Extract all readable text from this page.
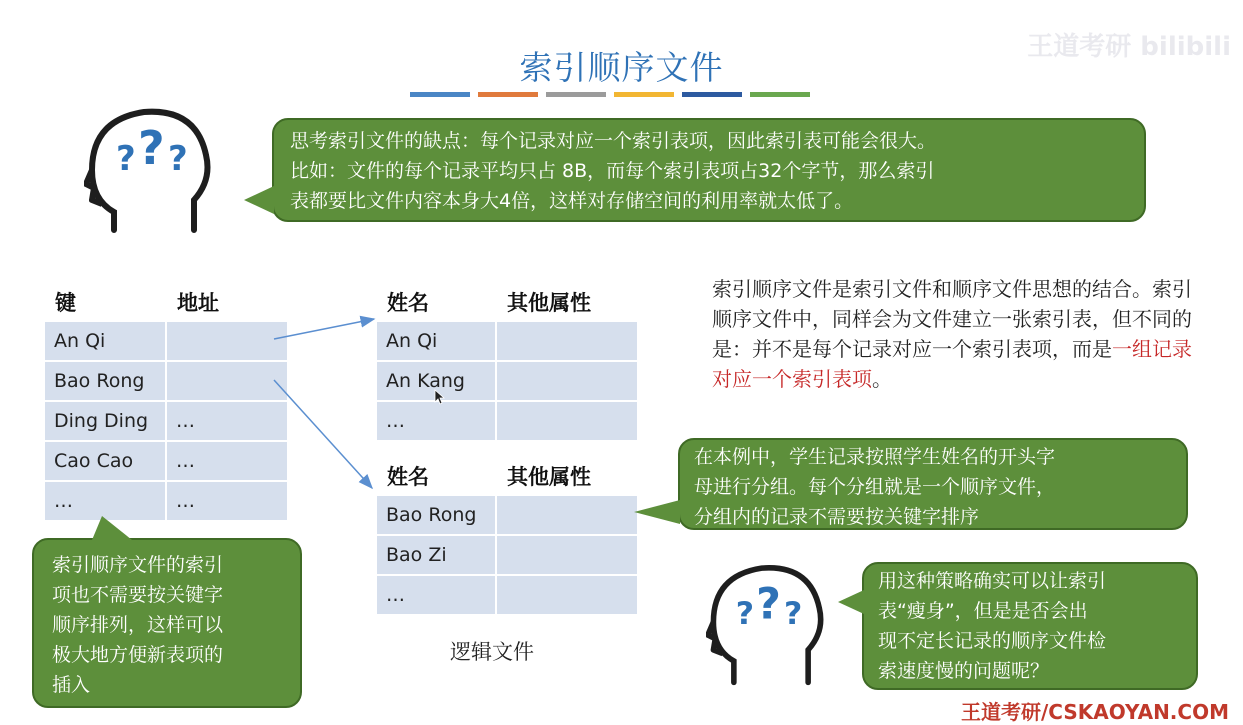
索引顺序文件
王道考研 bilibili
? ? ?	思考索引文件的缺点：每个记录对应一个索引表项，因此索引表可能会很大。
比如：文件的每个记录平均只占 8B，而每个索引表项占32个字节，那么索引
表都要比文件内容本身大4倍，这样对存储空间的利用率就太低了。
键	地址
An Qi	
Bao Rong	
Ding Ding	…
Cao Cao	…
…	…
姓名	其他属性
An Qi	
An Kang	
…	
姓名	其他属性
Bao Rong	
Bao Zi	
…	
逻辑文件
索引顺序文件是索引文件和顺序文件思想的结合。索引顺序文件中，同样会为文件建立一张索引表，但不同的是：并不是每个记录对应一个索引表项，而是一组记录对应一个索引表项。
在本例中，学生记录按照学生姓名的开头字
母进行分组。每个分组就是一个顺序文件，
分组内的记录不需要按关键字排序
索引顺序文件的索引
项也不需要按关键字
顺序排列，这样可以
极大地方便新表项的
插入
? ? ?
用这种策略确实可以让索引
表“瘦身”，但是是否会出
现不定长记录的顺序文件检
索速度慢的问题呢？
王道考研/CSKAOYAN.COM
